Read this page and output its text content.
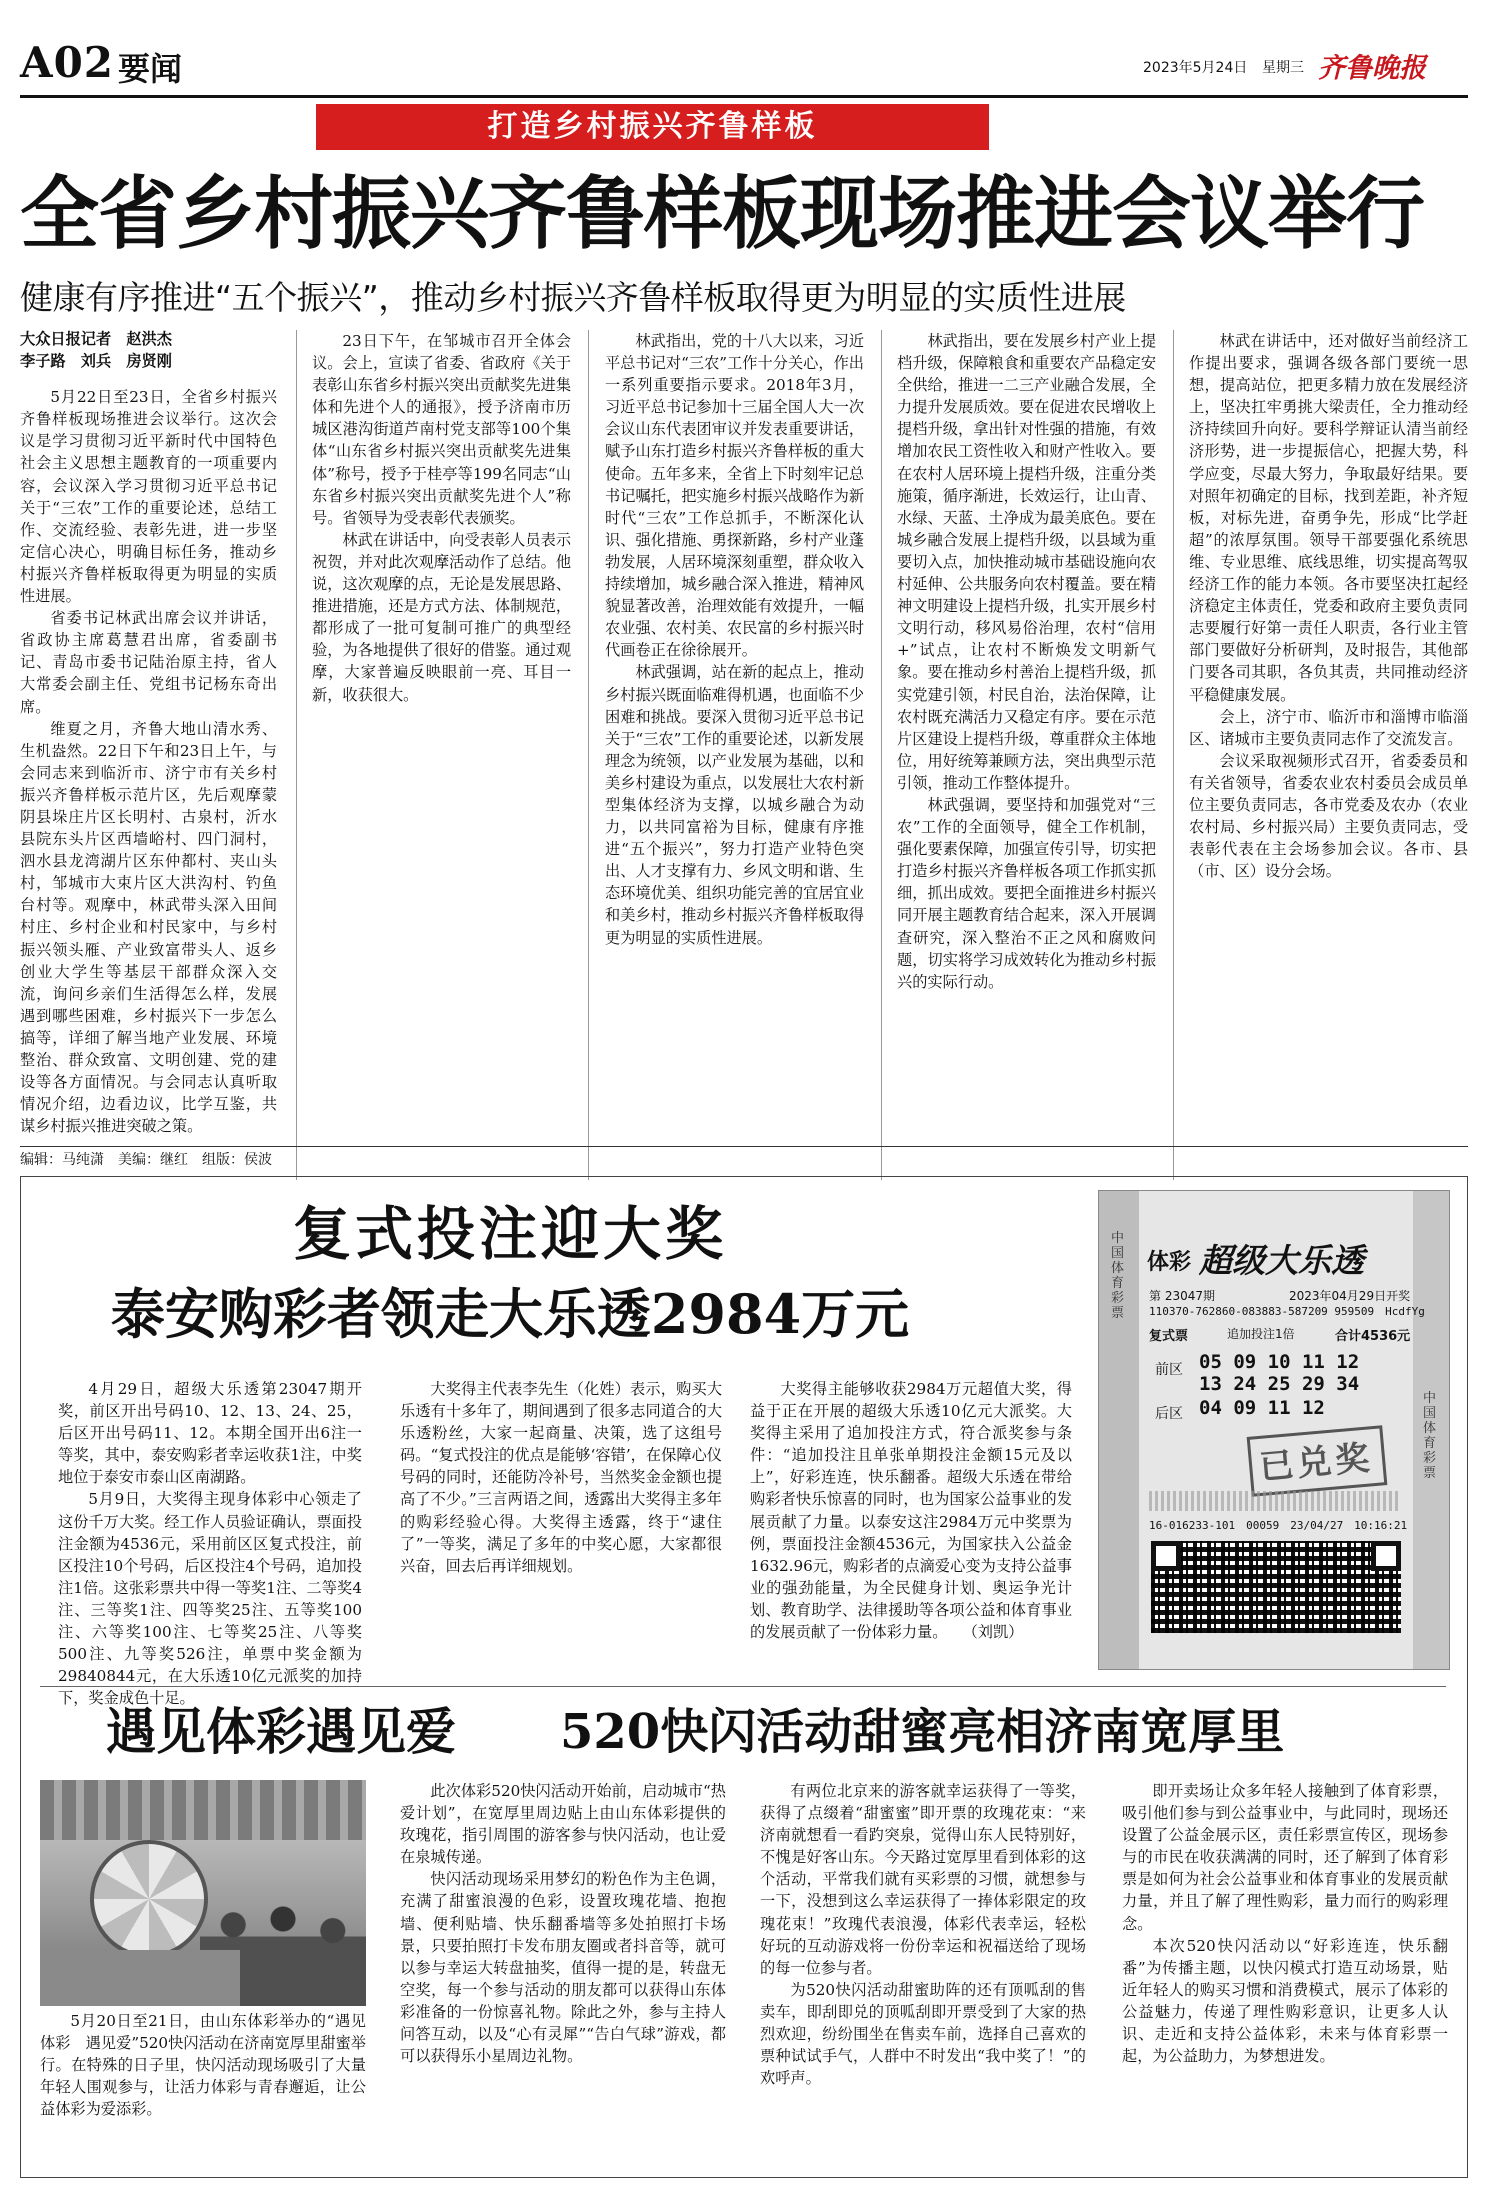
A02 要闻	2023年5月24日 星期三 齐鲁晚报
打造乡村振兴齐鲁样板
全省乡村振兴齐鲁样板现场推进会议举行
健康有序推进“五个振兴”，推动乡村振兴齐鲁样板取得更为明显的实质性进展

大众日报记者　赵洪杰

李子路　刘兵　房贤刚

5月22日至23日，全省乡村振兴齐鲁样板现场推进会议举行。这次会议是学习贯彻习近平新时代中国特色社会主义思想主题教育的一项重要内容，会议深入学习贯彻习近平总书记关于“三农”工作的重要论述，总结工作、交流经验、表彰先进，进一步坚定信心决心，明确目标任务，推动乡村振兴齐鲁样板取得更为明显的实质性进展。

省委书记林武出席会议并讲话，省政协主席葛慧君出席，省委副书记、青岛市委书记陆治原主持，省人大常委会副主任、党组书记杨东奇出席。

维夏之月，齐鲁大地山清水秀、生机盎然。22日下午和23日上午，与会同志来到临沂市、济宁市有关乡村振兴齐鲁样板示范片区，先后观摩蒙阴县垛庄片区长明村、古泉村，沂水县院东头片区西墙峪村、四门洞村，泗水县龙湾湖片区东仲都村、夹山头村，邹城市大束片区大洪沟村、钓鱼台村等。观摩中，林武带头深入田间村庄、乡村企业和村民家中，与乡村振兴领头雁、产业致富带头人、返乡创业大学生等基层干部群众深入交流，询问乡亲们生活得怎么样，发展遇到哪些困难，乡村振兴下一步怎么搞等，详细了解当地产业发展、环境整治、群众致富、文明创建、党的建设等各方面情况。与会同志认真听取情况介绍，边看边议，比学互鉴，共谋乡村振兴推进突破之策。

23日下午，在邹城市召开全体会议。会上，宣读了省委、省政府《关于表彰山东省乡村振兴突出贡献奖先进集体和先进个人的通报》，授予济南市历城区港沟街道芦南村党支部等100个集体“山东省乡村振兴突出贡献奖先进集体”称号，授予于桂亭等199名同志“山东省乡村振兴突出贡献奖先进个人”称号。省领导为受表彰代表颁奖。

林武在讲话中，向受表彰人员表示祝贺，并对此次观摩活动作了总结。他说，这次观摩的点，无论是发展思路、推进措施，还是方式方法、体制规范，都形成了一批可复制可推广的典型经验，为各地提供了很好的借鉴。通过观摩，大家普遍反映眼前一亮、耳目一新，收获很大。

林武指出，党的十八大以来，习近平总书记对“三农”工作十分关心，作出一系列重要指示要求。2018年3月，习近平总书记参加十三届全国人大一次会议山东代表团审议并发表重要讲话，赋予山东打造乡村振兴齐鲁样板的重大使命。五年多来，全省上下时刻牢记总书记嘱托，把实施乡村振兴战略作为新时代“三农”工作总抓手，不断深化认识、强化措施、勇探新路，乡村产业蓬勃发展，人居环境深刻重塑，群众收入持续增加，城乡融合深入推进，精神风貌显著改善，治理效能有效提升，一幅农业强、农村美、农民富的乡村振兴时代画卷正在徐徐展开。

林武强调，站在新的起点上，推动乡村振兴既面临难得机遇，也面临不少困难和挑战。要深入贯彻习近平总书记关于“三农”工作的重要论述，以新发展理念为统领，以产业发展为基础，以和美乡村建设为重点，以发展壮大农村新型集体经济为支撑，以城乡融合为动力，以共同富裕为目标，健康有序推进“五个振兴”，努力打造产业特色突出、人才支撑有力、乡风文明和谐、生态环境优美、组织功能完善的宜居宜业和美乡村，推动乡村振兴齐鲁样板取得更为明显的实质性进展。

林武指出，要在发展乡村产业上提档升级，保障粮食和重要农产品稳定安全供给，推进一二三产业融合发展，全力提升发展质效。要在促进农民增收上提档升级，拿出针对性强的措施，有效增加农民工资性收入和财产性收入。要在农村人居环境上提档升级，注重分类施策，循序渐进，长效运行，让山青、水绿、天蓝、土净成为最美底色。要在城乡融合发展上提档升级，以县域为重要切入点，加快推动城市基础设施向农村延伸、公共服务向农村覆盖。要在精神文明建设上提档升级，扎实开展乡村文明行动，移风易俗治理，农村“信用+”试点，让农村不断焕发文明新气象。要在推动乡村善治上提档升级，抓实党建引领，村民自治，法治保障，让农村既充满活力又稳定有序。要在示范片区建设上提档升级，尊重群众主体地位，用好统筹兼顾方法，突出典型示范引领，推动工作整体提升。

林武强调，要坚持和加强党对“三农”工作的全面领导，健全工作机制，强化要素保障，加强宣传引导，切实把打造乡村振兴齐鲁样板各项工作抓实抓细，抓出成效。要把全面推进乡村振兴同开展主题教育结合起来，深入开展调查研究，深入整治不正之风和腐败问题，切实将学习成效转化为推动乡村振兴的实际行动。

林武在讲话中，还对做好当前经济工作提出要求，强调各级各部门要统一思想，提高站位，把更多精力放在发展经济上，坚决扛牢勇挑大梁责任，全力推动经济持续回升向好。要科学辩证认清当前经济形势，进一步提振信心，把握大势，科学应变，尽最大努力，争取最好结果。要对照年初确定的目标，找到差距，补齐短板，对标先进，奋勇争先，形成“比学赶超”的浓厚氛围。领导干部要强化系统思维、专业思维、底线思维，切实提高驾驭经济工作的能力本领。各市要坚决扛起经济稳定主体责任，党委和政府主要负责同志要履行好第一责任人职责，各行业主管部门要做好分析研判，及时报告，其他部门要各司其职，各负其责，共同推动经济平稳健康发展。

会上，济宁市、临沂市和淄博市临淄区、诸城市主要负责同志作了交流发言。

会议采取视频形式召开，省委委员和有关省领导，省委农业农村委员会成员单位主要负责同志，各市党委及农办（农业农村局、乡村振兴局）主要负责同志，受表彰代表在主会场参加会议。各市、县（市、区）设分会场。

编辑：马纯潇　美编：继红　组版：侯波
复式投注迎大奖
泰安购彩者领走大乐透2984万元

4月29日，超级大乐透第23047期开奖，前区开出号码10、12、13、24、25，后区开出号码11、12。本期全国开出6注一等奖，其中，泰安购彩者幸运收获1注，中奖地位于泰安市泰山区南湖路。

5月9日，大奖得主现身体彩中心领走了这份千万大奖。经工作人员验证确认，票面投注金额为4536元，采用前区区复式投注，前区投注10个号码，后区投注4个号码，追加投注1倍。这张彩票共中得一等奖1注、二等奖4注、三等奖1注、四等奖25注、五等奖100注、六等奖100注、七等奖25注、八等奖500注、九等奖526注，单票中奖金额为29840844元，在大乐透10亿元派奖的加持下，奖金成色十足。

大奖得主代表李先生（化姓）表示，购买大乐透有十多年了，期间遇到了很多志同道合的大乐透粉丝，大家一起商量、决策，选了这组号码。“复式投注的优点是能够‘容错’，在保障心仪号码的同时，还能防冷补号，当然奖金金额也提高了不少。”三言两语之间，透露出大奖得主多年的购彩经验心得。大奖得主透露，终于“逮住了”一等奖，满足了多年的中奖心愿，大家都很兴奋，回去后再详细规划。

大奖得主能够收获2984万元超值大奖，得益于正在开展的超级大乐透10亿元大派奖。大奖得主采用了追加投注方式，符合派奖参与条件：“追加投注且单张单期投注金额15元及以上”，好彩连连，快乐翻番。超级大乐透在带给购彩者快乐惊喜的同时，也为国家公益事业的发展贡献了力量。以泰安这注2984万元中奖票为例，票面投注金额4536元，为国家扶入公益金1632.96元，购彩者的点滴爱心变为支持公益事业的强劲能量，为全民健身计划、奥运争光计划、教育助学、法律援助等各项公益和体育事业的发展贡献了一份体彩力量。　　（刘凯）

中国体育彩票
中国体育彩票
体彩 超级大乐透
第 23047期	2023年04月29日开奖
110370-762860-083883-587209 959509　HcdfYg
复式票	追加投注1倍	合计4536元
前区 05 09 10 11 12 13 24 25 29 34
后区 04 09 11 12
已兑奖
16-016233-101　00059　23/04/27　10:16:21
遇见体彩遇见爱 520快闪活动甜蜜亮相济南宽厚里

5月20日至21日，由山东体彩举办的“遇见体彩　遇见爱”520快闪活动在济南宽厚里甜蜜举行。在特殊的日子里，快闪活动现场吸引了大量年轻人围观参与，让活力体彩与青春邂逅，让公益体彩为爱添彩。

此次体彩520快闪活动开始前，启动城市“热爱计划”，在宽厚里周边贴上由山东体彩提供的玫瑰花，指引周围的游客参与快闪活动，也让爱在泉城传递。

快闪活动现场采用梦幻的粉色作为主色调，充满了甜蜜浪漫的色彩，设置玫瑰花墙、抱抱墙、便利贴墙、快乐翻番墙等多处拍照打卡场景，只要拍照打卡发布朋友圈或者抖音等，就可以参与幸运大转盘抽奖，值得一提的是，转盘无空奖，每一个参与活动的朋友都可以获得山东体彩准备的一份惊喜礼物。除此之外，参与主持人问答互动，以及“心有灵犀”“告白气球”游戏，都可以获得乐小星周边礼物。

有两位北京来的游客就幸运获得了一等奖，获得了点缀着“甜蜜蜜”即开票的玫瑰花束：“来济南就想看一看趵突泉，觉得山东人民特别好，不愧是好客山东。今天路过宽厚里看到体彩的这个活动，平常我们就有买彩票的习惯，就想参与一下，没想到这么幸运获得了一捧体彩限定的玫瑰花束！”玫瑰代表浪漫，体彩代表幸运，轻松好玩的互动游戏将一份份幸运和祝福送给了现场的每一位参与者。

为520快闪活动甜蜜助阵的还有顶呱刮的售卖车，即刮即兑的顶呱刮即开票受到了大家的热烈欢迎，纷纷围坐在售卖车前，选择自己喜欢的票种试试手气，人群中不时发出“我中奖了！”的欢呼声。

即开卖场让众多年轻人接触到了体育彩票，吸引他们参与到公益事业中，与此同时，现场还设置了公益金展示区，责任彩票宣传区，现场参与的市民在收获满满的同时，还了解到了体育彩票是如何为社会公益事业和体育事业的发展贡献力量，并且了解了理性购彩，量力而行的购彩理念。

本次520快闪活动以“好彩连连，快乐翻番”为传播主题，以快闪模式打造互动场景，贴近年轻人的购买习惯和消费模式，展示了体彩的公益魅力，传递了理性购彩意识，让更多人认识、走近和支持公益体彩，未来与体育彩票一起，为公益助力，为梦想进发。
